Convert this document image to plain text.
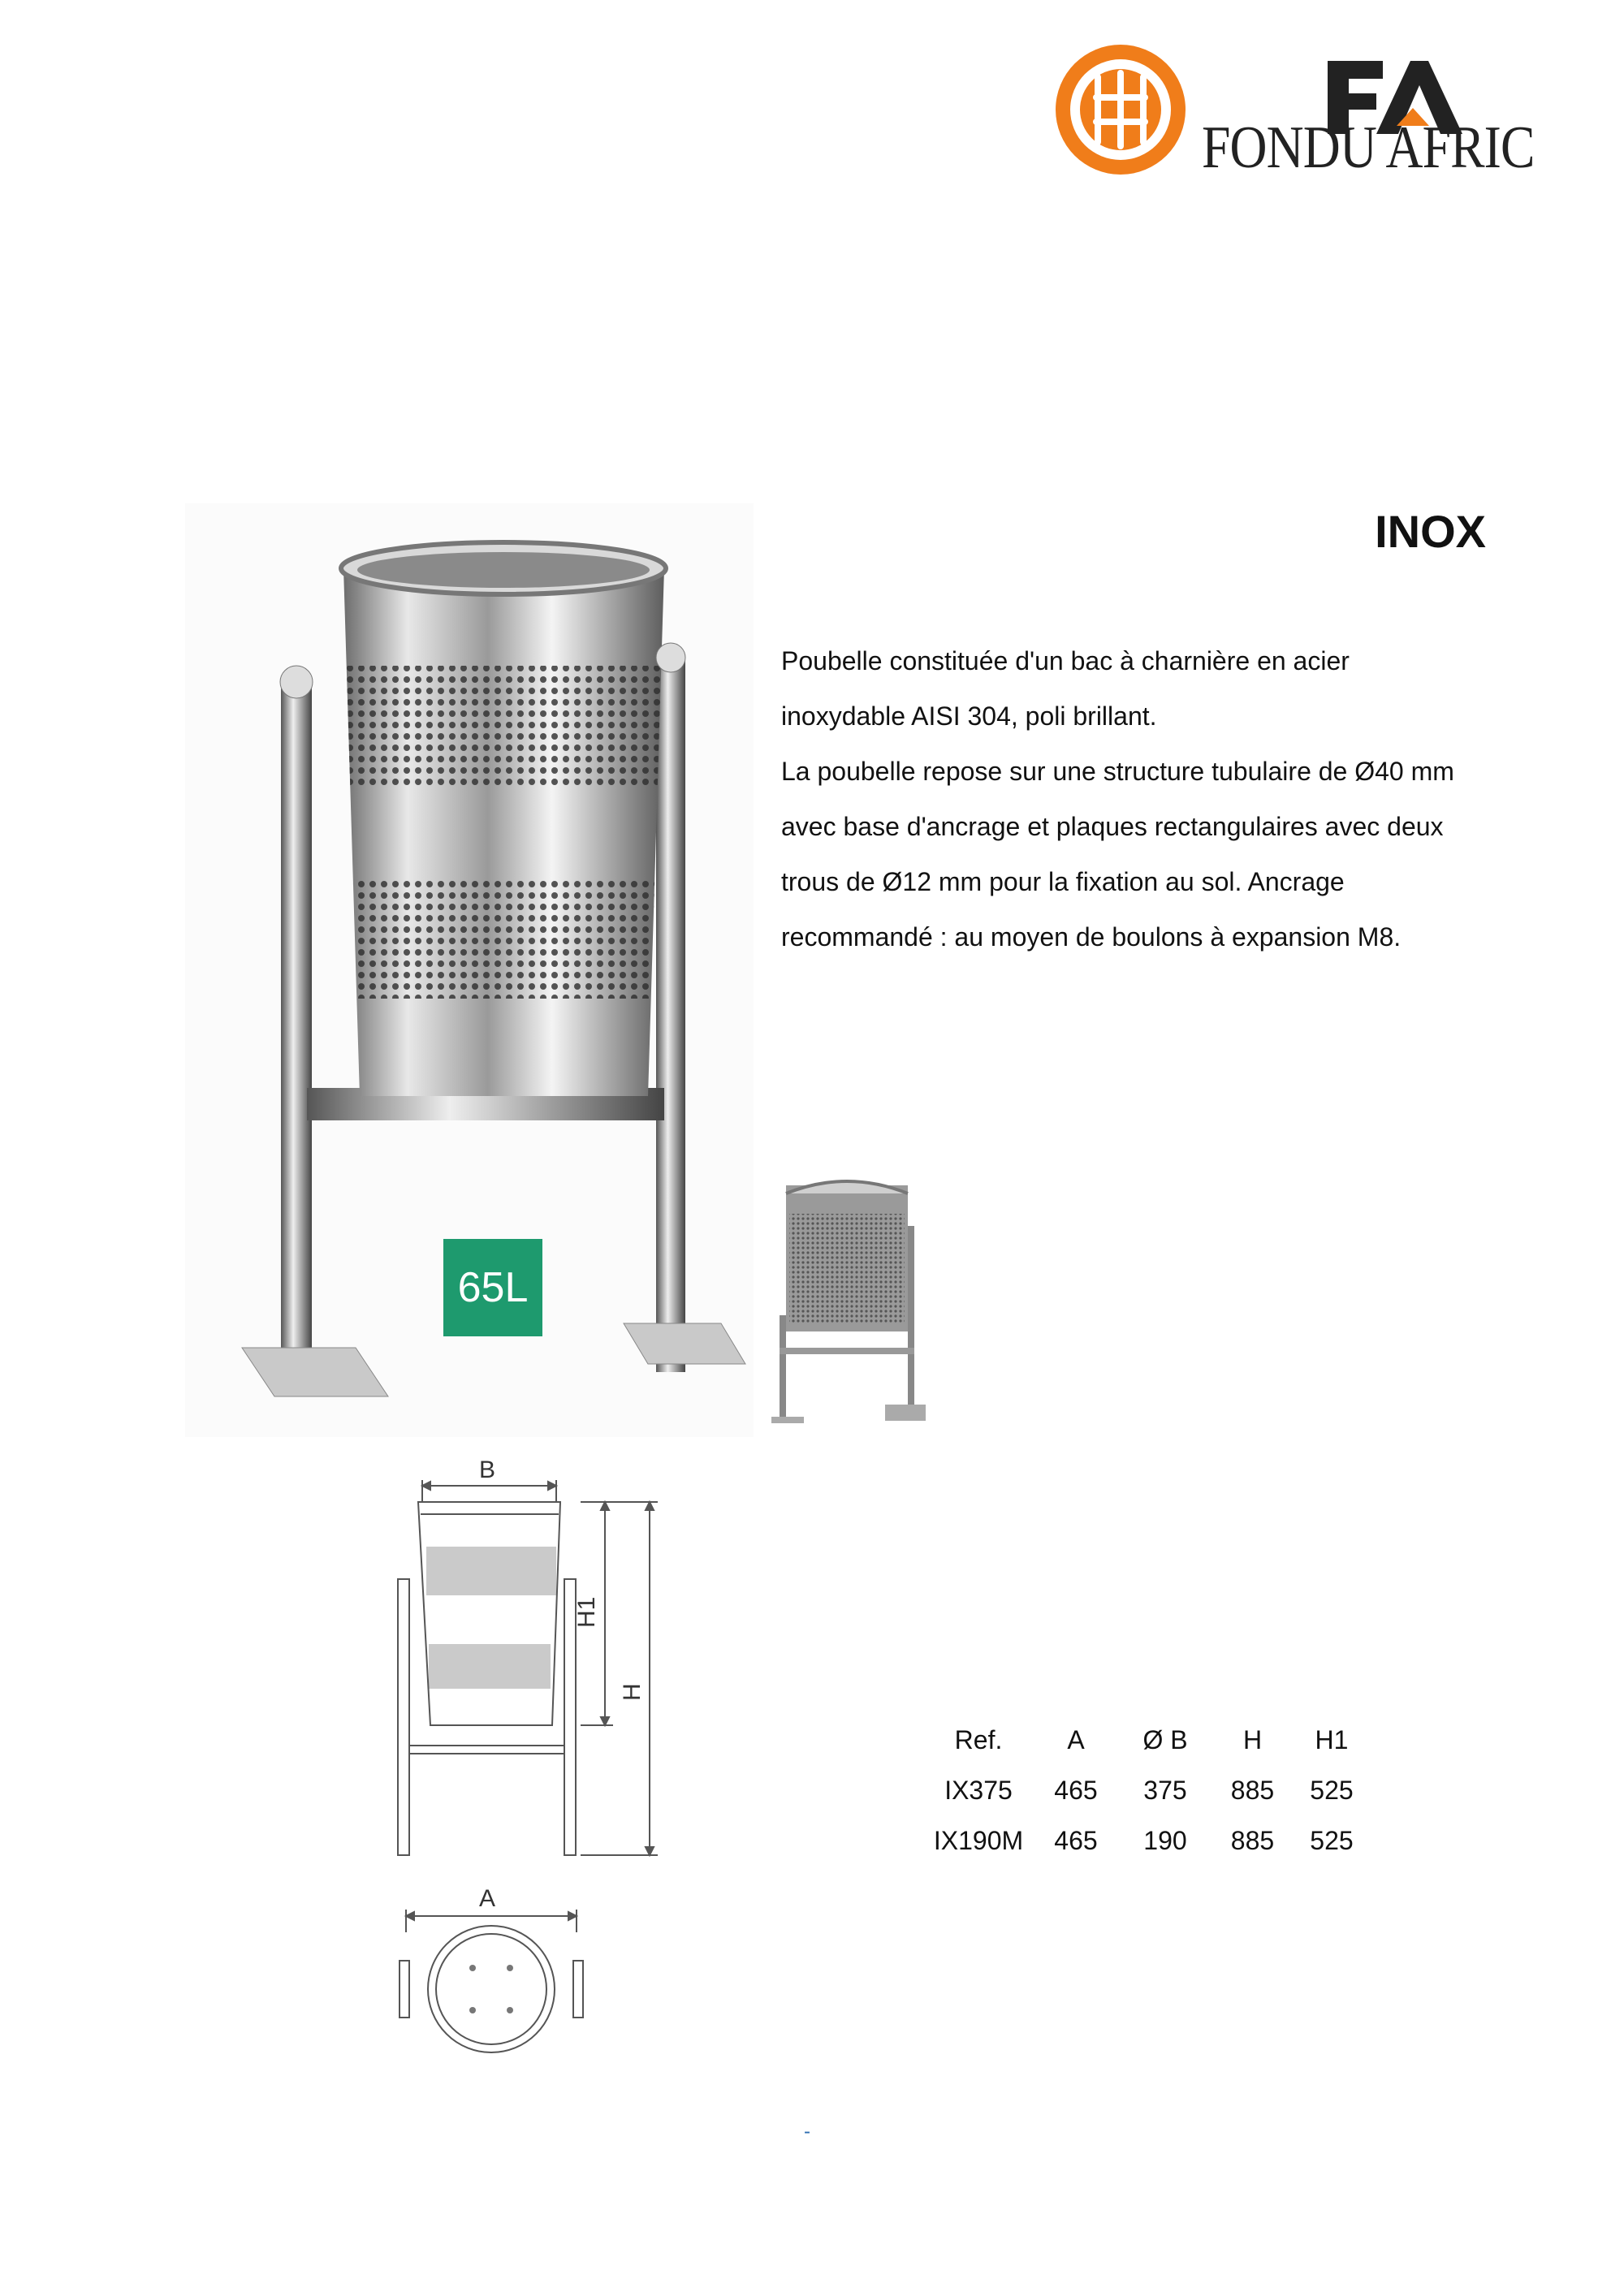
FONDU AFRIC
INOX

Poubelle constituée d'un bac à charnière en acier

inoxydable AISI 304, poli brillant.

La poubelle repose sur une structure tubulaire de Ø40 mm

avec base d'ancrage et plaques rectangulaires avec deux

trous de Ø12 mm pour la fixation au sol. Ancrage

recommandé : au moyen de boulons à expansion M8.

65L
B
H1
H
A
Ref.	A	Ø B	H	H1
IX375	465	375	885	525
IX190M	465	190	885	525
-
